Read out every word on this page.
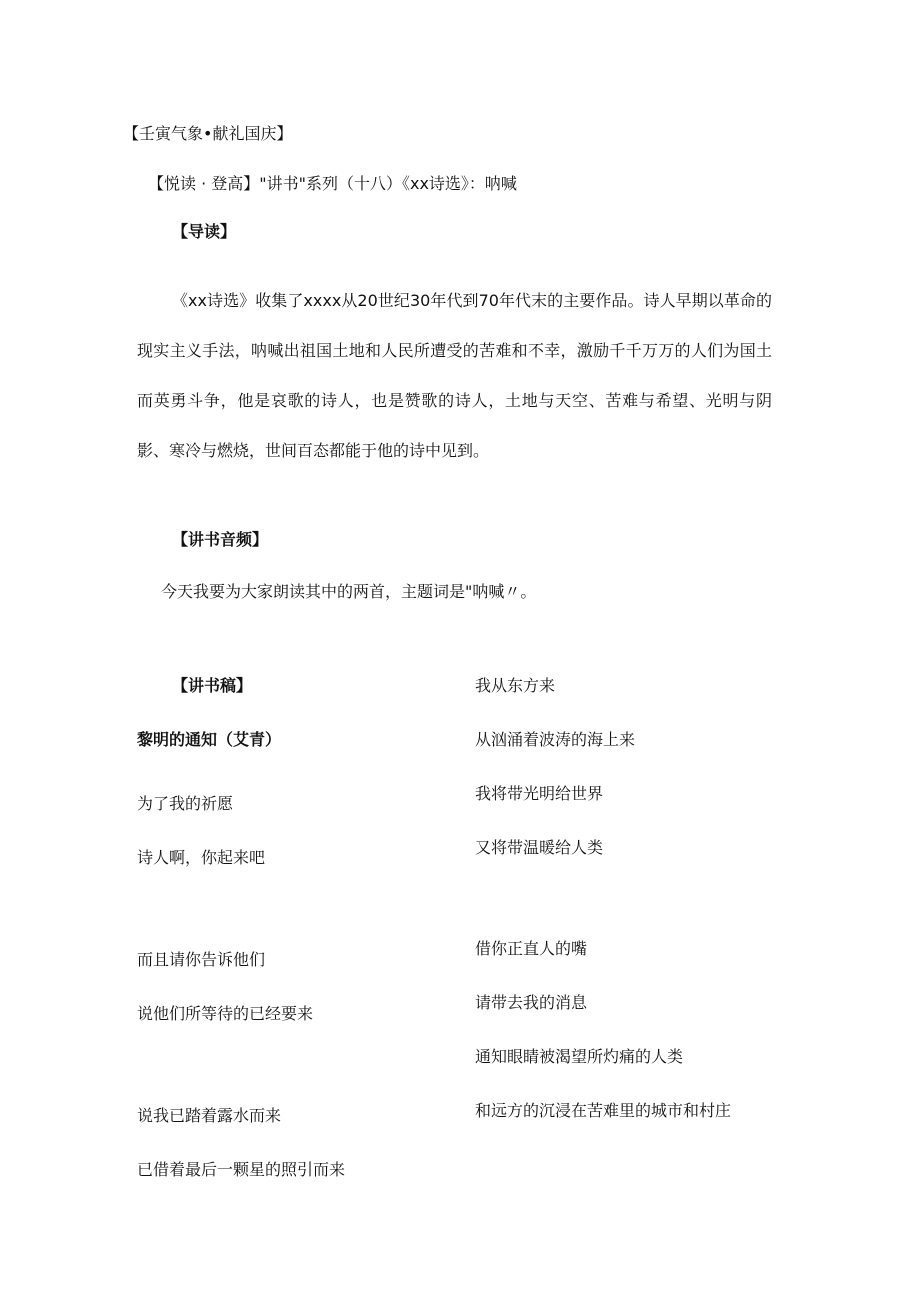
【壬寅气象•献礼国庆】
【悦读 · 登高】"讲书"系列（十八）《xx诗选》：呐喊
【导读】
《xx诗选》收集了xxxx从20世纪30年代到70年代末的主要作品。诗人早期以革命的现实主义手法，呐喊出祖国土地和人民所遭受的苦难和不幸，激励千千万万的人们为国土而英勇斗争，他是哀歌的诗人，也是赞歌的诗人，土地与天空、苦难与希望、光明与阴影、寒冷与燃烧，世间百态都能于他的诗中见到。
【讲书音频】
今天我要为大家朗读其中的两首，主题词是"呐喊〃。
【讲书稿】
黎明的通知（艾青）
为了我的祈愿
诗人啊，你起来吧
而且请你告诉他们
说他们所等待的已经要来
说我已踏着露水而来
已借着最后一颗星的照引而来
我从东方来
从汹涌着波涛的海上来
我将带光明给世界
又将带温暖给人类
借你正直人的嘴
请带去我的消息
通知眼睛被渴望所灼痛的人类
和远方的沉浸在苦难里的城市和村庄
